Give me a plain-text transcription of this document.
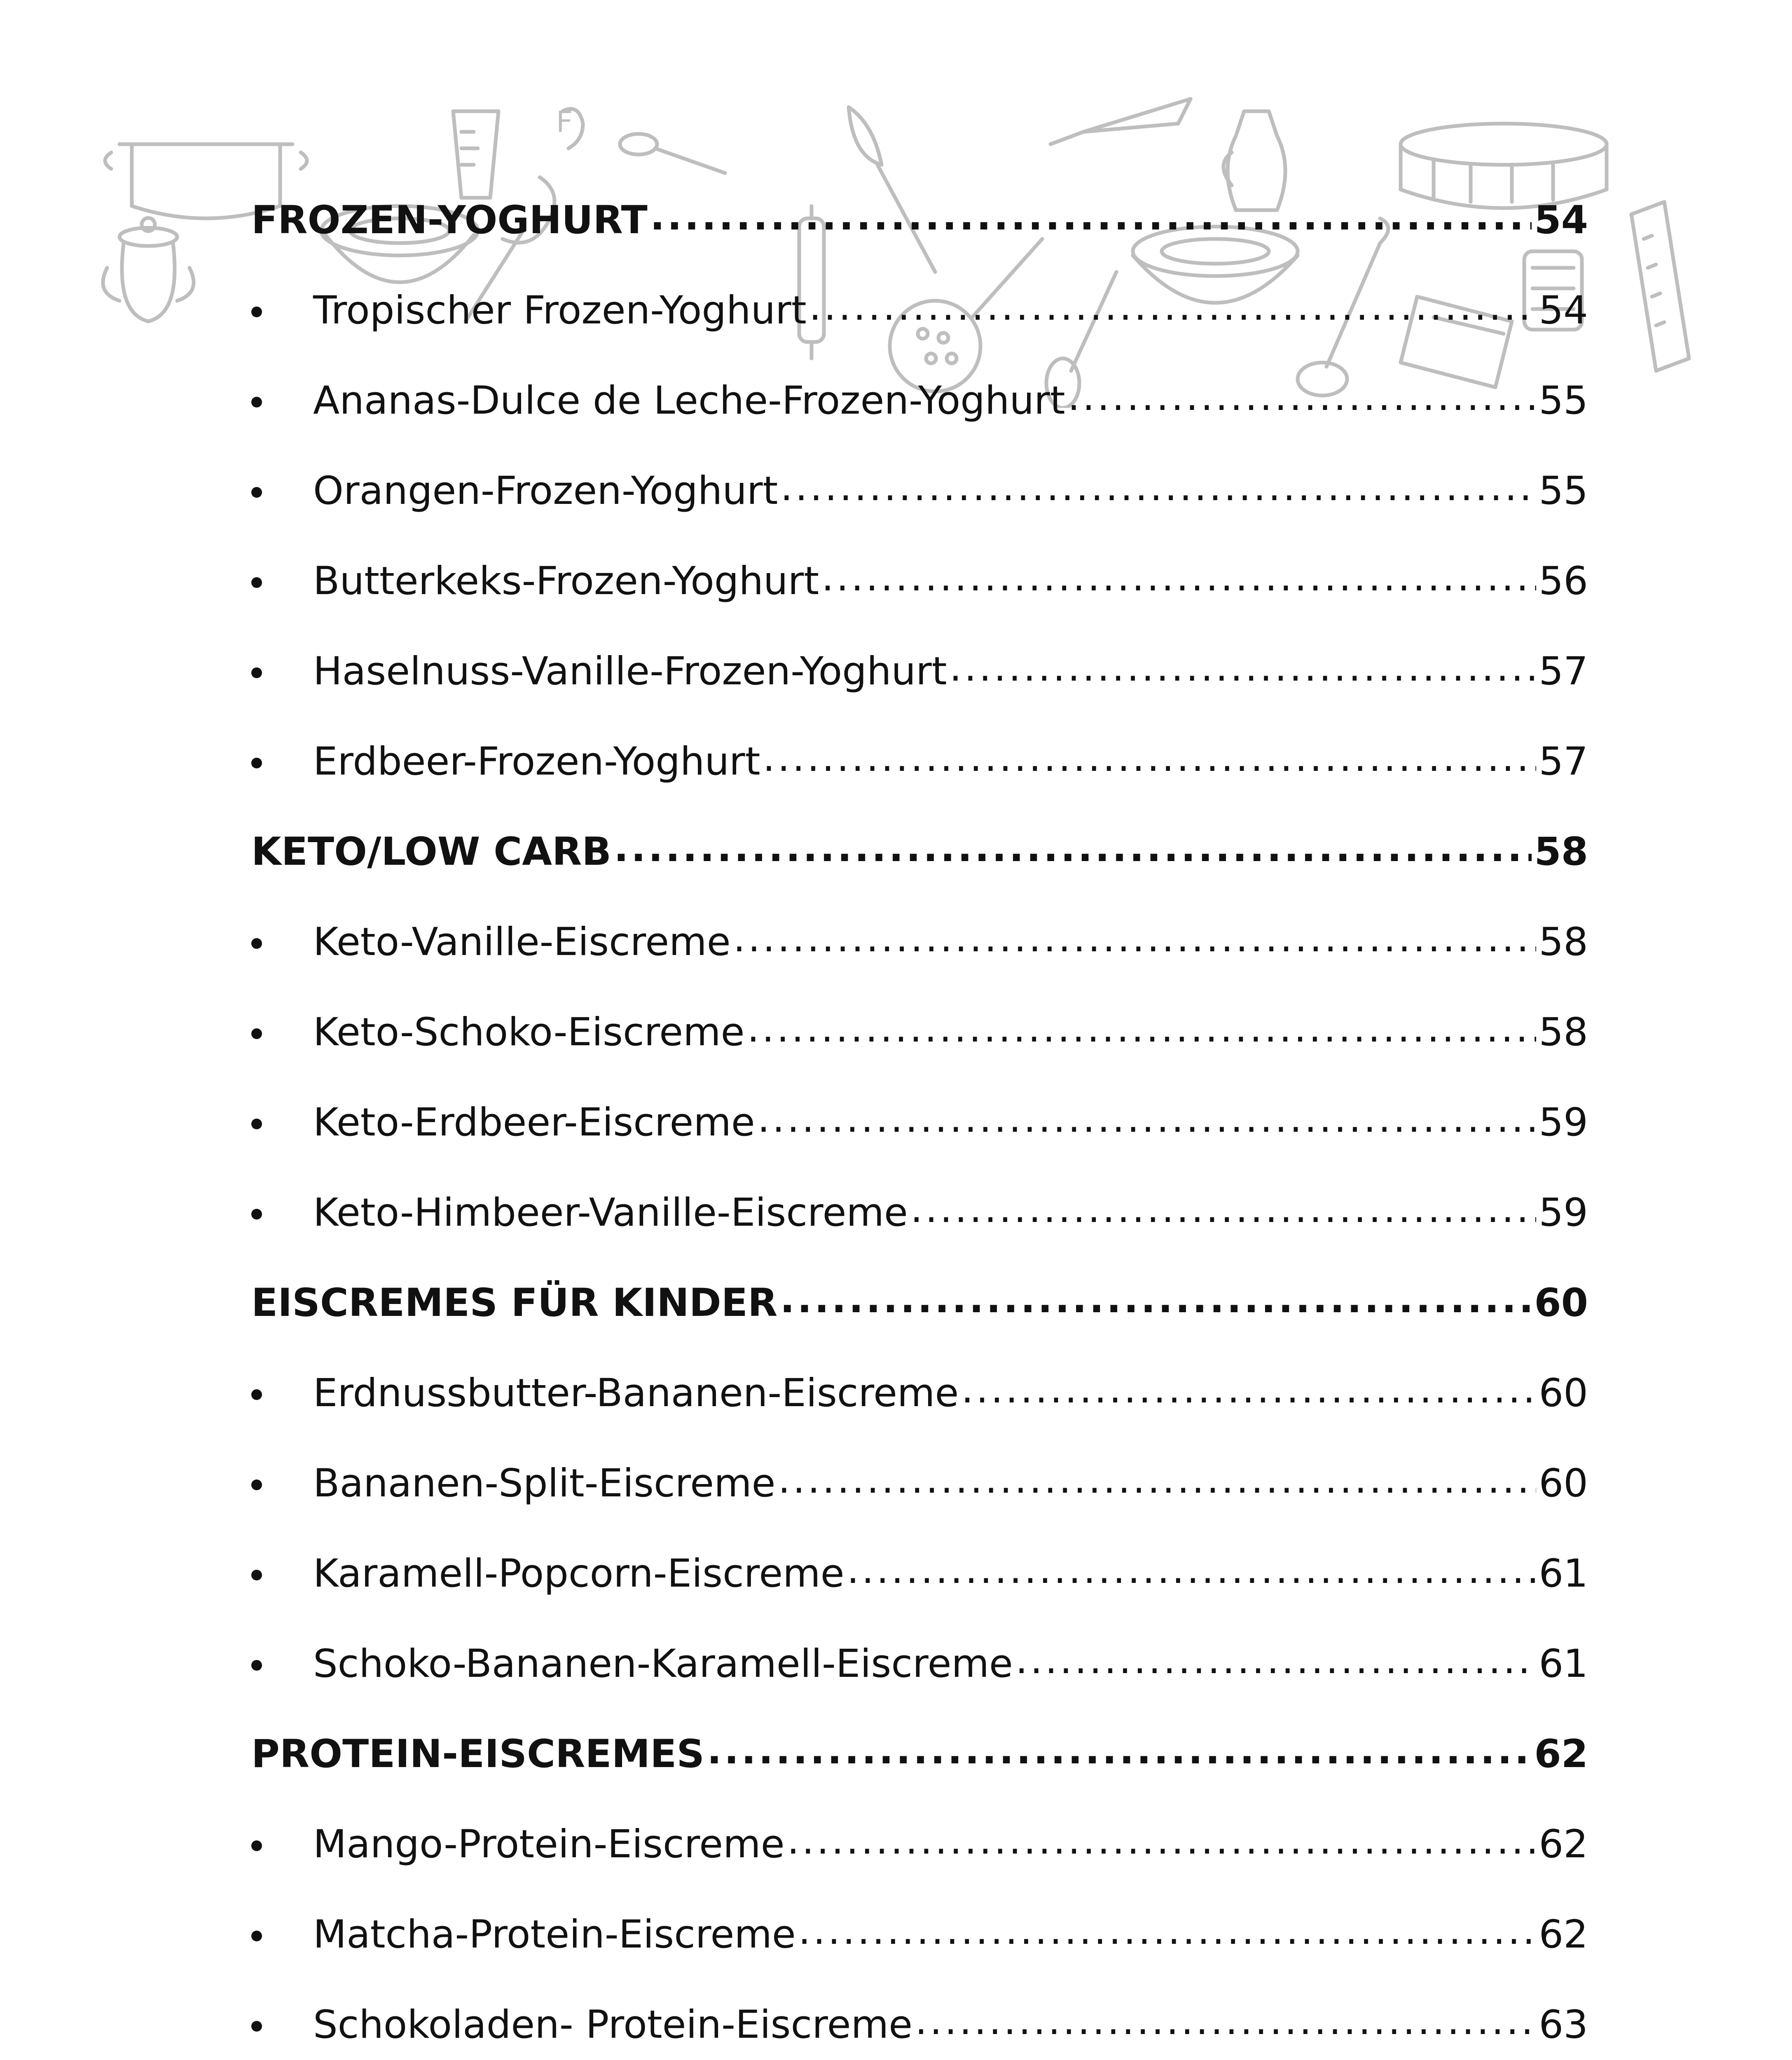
F
FROZEN-YOGHURT .....	54
Tropischer Frozen-Yoghurt .....	54
Ananas-Dulce de Leche-Frozen-Yoghurt .....	55
Orangen-Frozen-Yoghurt .....	55
Butterkeks-Frozen-Yoghurt .....	56
Haselnuss-Vanille-Frozen-Yoghurt .....	57
Erdbeer-Frozen-Yoghurt .....	57
KETO/LOW CARB .....	58
Keto-Vanille-Eiscreme .....	58
Keto-Schoko-Eiscreme .....	58
Keto-Erdbeer-Eiscreme .....	59
Keto-Himbeer-Vanille-Eiscreme .....	59
EISCREMES FÜR KINDER .....	60
Erdnussbutter-Bananen-Eiscreme .....	60
Bananen-Split-Eiscreme .....	60
Karamell-Popcorn-Eiscreme .....	61
Schoko-Bananen-Karamell-Eiscreme .....	61
PROTEIN-EISCREMES .....	62
Mango-Protein-Eiscreme .....	62
Matcha-Protein-Eiscreme .....	62
Schokoladen- Protein-Eiscreme .....	63
